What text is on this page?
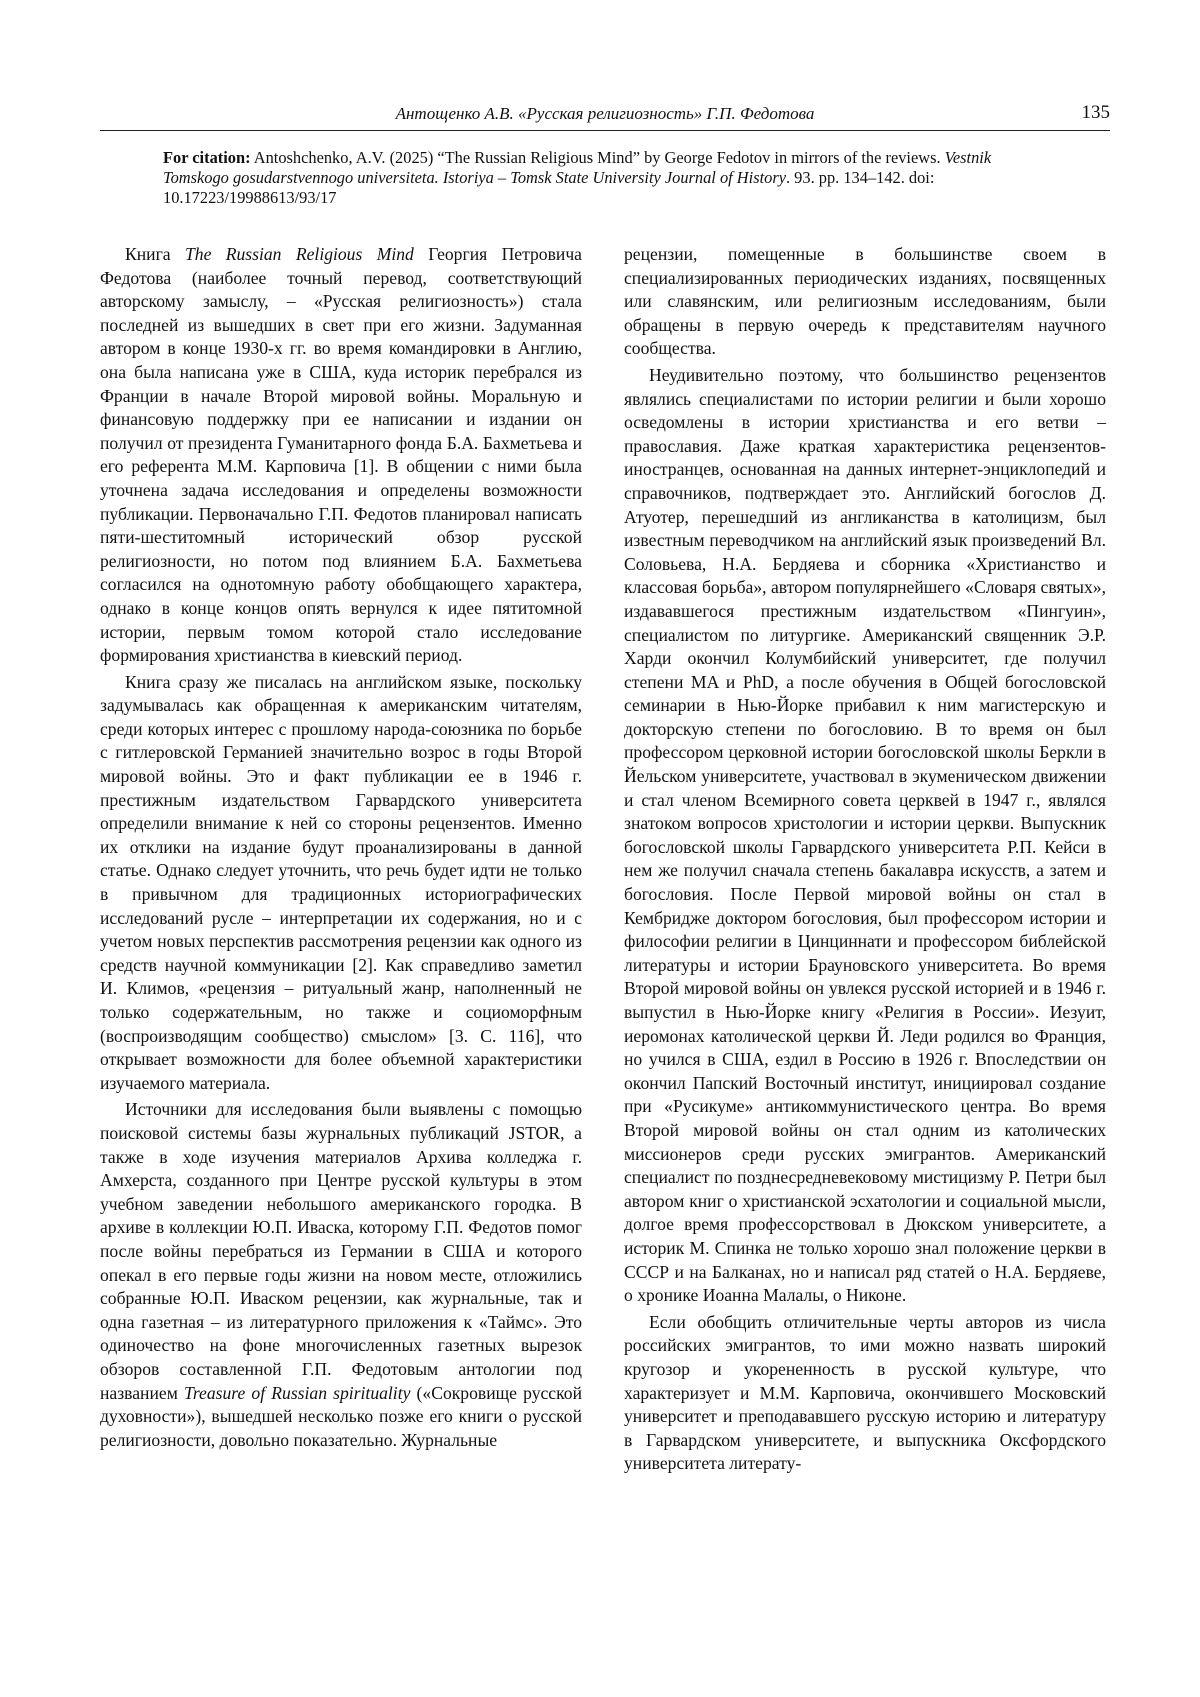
Антощенко А.В. «Русская религиозность» Г.П. Федотова	135
For citation: Antoshchenko, A.V. (2025) “The Russian Religious Mind” by George Fedotov in mirrors of the reviews. Vestnik Tomskogo gosudarstvennogo universiteta. Istoriya – Tomsk State University Journal of History. 93. pp. 134–142. doi: 10.17223/19988613/93/17

Книга The Russian Religious Mind Георгия Петровича Федотова (наиболее точный перевод, соответствующий авторскому замыслу, – «Русская религиозность») стала последней из вышедших в свет при его жизни. Задуманная автором в конце 1930-х гг. во время командировки в Англию, она была написана уже в США, куда историк перебрался из Франции в начале Второй мировой войны. Моральную и финансовую поддержку при ее написании и издании он получил от президента Гуманитарного фонда Б.А. Бахметьева и его референта М.М. Карповича [1]. В общении с ними была уточнена задача исследования и определены возможности публикации. Первоначально Г.П. Федотов планировал написать пяти-шеститомный исторический обзор русской религиозности, но потом под влиянием Б.А. Бахметьева согласился на однотомную работу обобщающего характера, однако в конце концов опять вернулся к идее пятитомной истории, первым томом которой стало исследование формирования христианства в киевский период.

Книга сразу же писалась на английском языке, поскольку задумывалась как обращенная к американским читателям, среди которых интерес с прошлому народа-союзника по борьбе с гитлеровской Германией значительно возрос в годы Второй мировой войны. Это и факт публикации ее в 1946 г. престижным издательством Гарвардского университета определили внимание к ней со стороны рецензентов. Именно их отклики на издание будут проанализированы в данной статье. Однако следует уточнить, что речь будет идти не только в привычном для традиционных историографических исследований русле – интерпретации их содержания, но и с учетом новых перспектив рассмотрения рецензии как одного из средств научной коммуникации [2]. Как справедливо заметил И. Климов, «рецензия – ритуальный жанр, наполненный не только содержательным, но также и социоморфным (воспроизводящим сообщество) смыслом» [3. С. 116], что открывает возможности для более объемной характеристики изучаемого материала.

Источники для исследования были выявлены с помощью поисковой системы базы журнальных публикаций JSTOR, а также в ходе изучения материалов Архива колледжа г. Амхерста, созданного при Центре русской культуры в этом учебном заведении небольшого американского городка. В архиве в коллекции Ю.П. Иваска, которому Г.П. Федотов помог после войны перебраться из Германии в США и которого опекал в его первые годы жизни на новом месте, отложились собранные Ю.П. Иваском рецензии, как журнальные, так и одна газетная – из литературного приложения к «Таймс». Это одиночество на фоне многочисленных газетных вырезок обзоров составленной Г.П. Федотовым антологии под названием Treasure of Russian spirituality («Сокровище русской духовности»), вышедшей несколько позже его книги о русской религиозности, довольно показательно. Журнальные

рецензии, помещенные в большинстве своем в специализированных периодических изданиях, посвященных или славянским, или религиозным исследованиям, были обращены в первую очередь к представителям научного сообщества.

Неудивительно поэтому, что большинство рецензентов являлись специалистами по истории религии и были хорошо осведомлены в истории христианства и его ветви – православия. Даже краткая характеристика рецензентов-иностранцев, основанная на данных интернет-энциклопедий и справочников, подтверждает это. Английский богослов Д. Атуотер, перешедший из англиканства в католицизм, был известным переводчиком на английский язык произведений Вл. Соловьева, Н.А. Бердяева и сборника «Христианство и классовая борьба», автором популярнейшего «Словаря святых», издававшегося престижным издательством «Пингуин», специалистом по литургике. Американский священник Э.Р. Харди окончил Колумбийский университет, где получил степени MA и PhD, а после обучения в Общей богословской семинарии в Нью-Йорке прибавил к ним магистерскую и докторскую степени по богословию. В то время он был профессором церковной истории богословской школы Беркли в Йельском университете, участвовал в экуменическом движении и стал членом Всемирного совета церквей в 1947 г., являлся знатоком вопросов христологии и истории церкви. Выпускник богословской школы Гарвардского университета Р.П. Кейси в нем же получил сначала степень бакалавра искусств, а затем и богословия. После Первой мировой войны он стал в Кембридже доктором богословия, был профессором истории и философии религии в Цинциннати и профессором библейской литературы и истории Брауновского университета. Во время Второй мировой войны он увлекся русской историей и в 1946 г. выпустил в Нью-Йорке книгу «Религия в России». Иезуит, иеромонах католической церкви Й. Леди родился во Франция, но учился в США, ездил в Россию в 1926 г. Впоследствии он окончил Папский Восточный институт, инициировал создание при «Русикуме» антикоммунистического центра. Во время Второй мировой войны он стал одним из католических миссионеров среди русских эмигрантов. Американский специалист по позднесредневековому мистицизму Р. Петри был автором книг о христианской эсхатологии и социальной мысли, долгое время профессорствовал в Дюкском университете, а историк М. Спинка не только хорошо знал положение церкви в СССР и на Балканах, но и написал ряд статей о Н.А. Бердяеве, о хронике Иоанна Малалы, о Никоне.

Если обобщить отличительные черты авторов из числа российских эмигрантов, то ими можно назвать широкий кругозор и укорененность в русской культуре, что характеризует и М.М. Карповича, окончившего Московский университет и преподававшего русскую историю и литературу в Гарвардском университете, и выпускника Оксфордского университета литерату-
